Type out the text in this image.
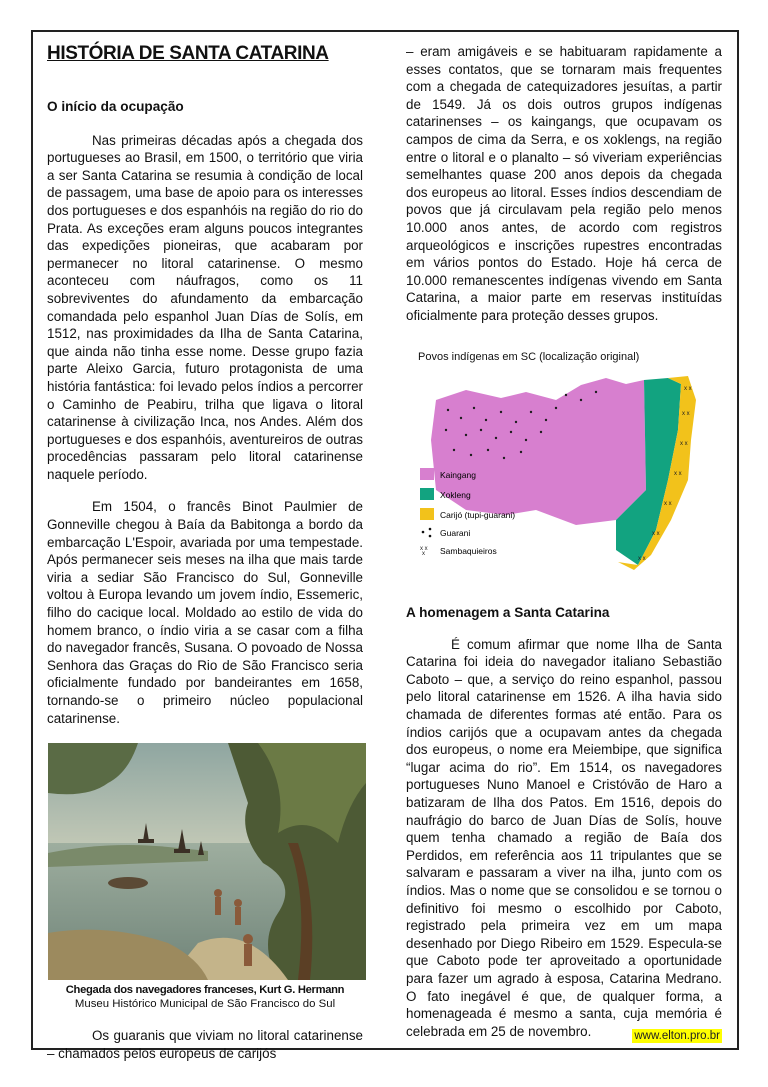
HISTÓRIA DE SANTA CATARINA
O início da ocupação

Nas primeiras décadas após a chegada dos portugueses ao Brasil, em 1500, o território que viria a ser Santa Catarina se resumia à condição de local de passagem, uma base de apoio para os interesses dos portugueses e dos espanhóis na região do rio do Prata. As exceções eram alguns poucos integrantes das expedições pioneiras, que acabaram por permanecer no litoral catarinense. O mesmo aconteceu com náufragos, como os 11 sobreviventes do afundamento da embarcação comandada pelo espanhol Juan Días de Solís, em 1512, nas proximidades da Ilha de Santa Catarina, que ainda não tinha esse nome. Desse grupo fazia parte Aleixo Garcia, futuro protagonista de uma história fantástica: foi levado pelos índios a percorrer o Caminho de Peabiru, trilha que ligava o litoral catarinense à civilização Inca, nos Andes. Além dos portugueses e dos espanhóis, aventureiros de outras procedências passaram pelo litoral catarinense naquele período.

Em 1504, o francês Binot Paulmier de Gonneville chegou à Baía da Babitonga a bordo da embarcação L'Espoir, avariada por uma tempestade. Após permanecer seis meses na ilha que mais tarde viria a sediar São Francisco do Sul, Gonneville voltou à Europa levando um jovem índio, Essemeric, filho do cacique local. Moldado ao estilo de vida do homem branco, o índio viria a se casar com a filha do navegador francês, Susana. O povoado de Nossa Senhora das Graças do Rio de São Francisco seria oficialmente fundado por bandeirantes em 1658, tornando-se o primeiro núcleo populacional catarinense.

Chegada dos navegadores franceses, Kurt G. Hermann
Museu Histórico Municipal de São Francisco do Sul

Os guaranis que viviam no litoral catarinense – chamados pelos europeus de carijós

– eram amigáveis e se habituaram rapidamente a esses contatos, que se tornaram mais frequentes com a chegada de catequizadores jesuítas, a partir de 1549. Já os dois outros grupos indígenas catarinenses – os kaingangs, que ocupavam os campos de cima da Serra, e os xoklengs, na região entre o litoral e o planalto – só viveriam experiências semelhantes quase 200 anos depois da chegada dos europeus ao litoral. Esses índios descendiam de povos que já circulavam pela região pelo menos 10.000 anos antes, de acordo com registros arqueológicos e inscrições rupestres encontradas em vários pontos do Estado. Hoje há cerca de 10.000 remanescentes indígenas vivendo em Santa Catarina, a maior parte em reservas instituídas oficialmente para proteção desses grupos.

Povos indígenas em SC (localização original)
x x
x x
x x
x x
x x
x x
x x
x x
x
Kaingang
Xokleng
Carijó (tupi-guarani)
Guarani
Sambaquieiros
A homenagem a Santa Catarina

É comum afirmar que nome Ilha de Santa Catarina foi ideia do navegador italiano Sebastião Caboto – que, a serviço do reino espanhol, passou pelo litoral catarinense em 1526. A ilha havia sido chamada de diferentes formas até então. Para os índios carijós que a ocupavam antes da chegada dos europeus, o nome era Meiembipe, que significa “lugar acima do rio”. Em 1514, os navegadores portugueses Nuno Manoel e Cristóvão de Haro a batizaram de Ilha dos Patos. Em 1516, depois do naufrágio do barco de Juan Días de Solís, houve quem tenha chamado a região de Baía dos Perdidos, em referência aos 11 tripulantes que se salvaram e passaram a viver na ilha, junto com os índios. Mas o nome que se consolidou e se tornou o definitivo foi mesmo o escolhido por Caboto, registrado pela primeira vez em um mapa desenhado por Diego Ribeiro em 1529. Especula-se que Caboto pode ter aproveitado a oportunidade para fazer um agrado à esposa, Catarina Medrano. O fato inegável é que, de qualquer forma, a homenageada é mesmo a santa, cuja memória é celebrada em 25 de novembro.	www.elton.pro.br
